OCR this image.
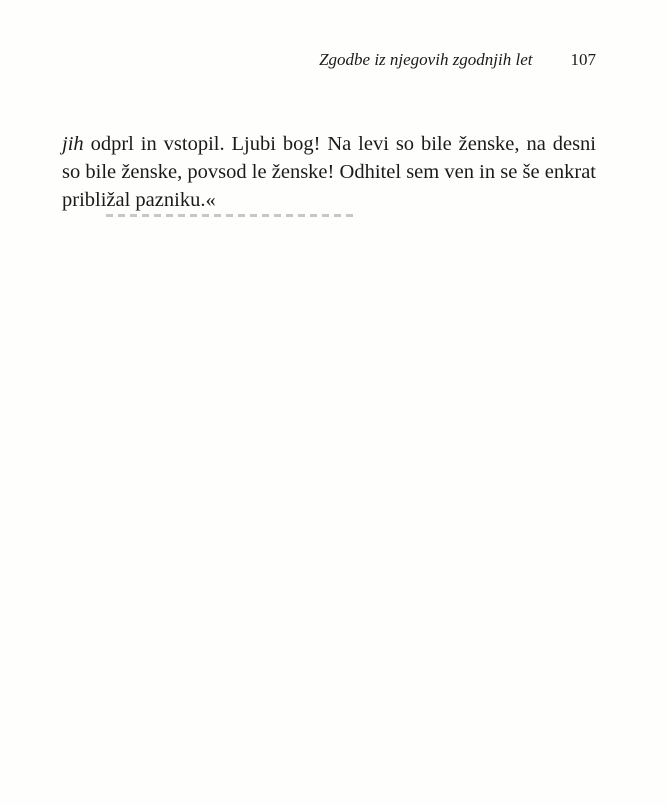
Zgodbe iz njegovih zgodnjih let 107

jih odprl in vstopil. Ljubi bog! Na levi so bile ženske, na desni so bile ženske, povsod le ženske! Odhitel sem ven in se še enkrat približal pazniku.«
